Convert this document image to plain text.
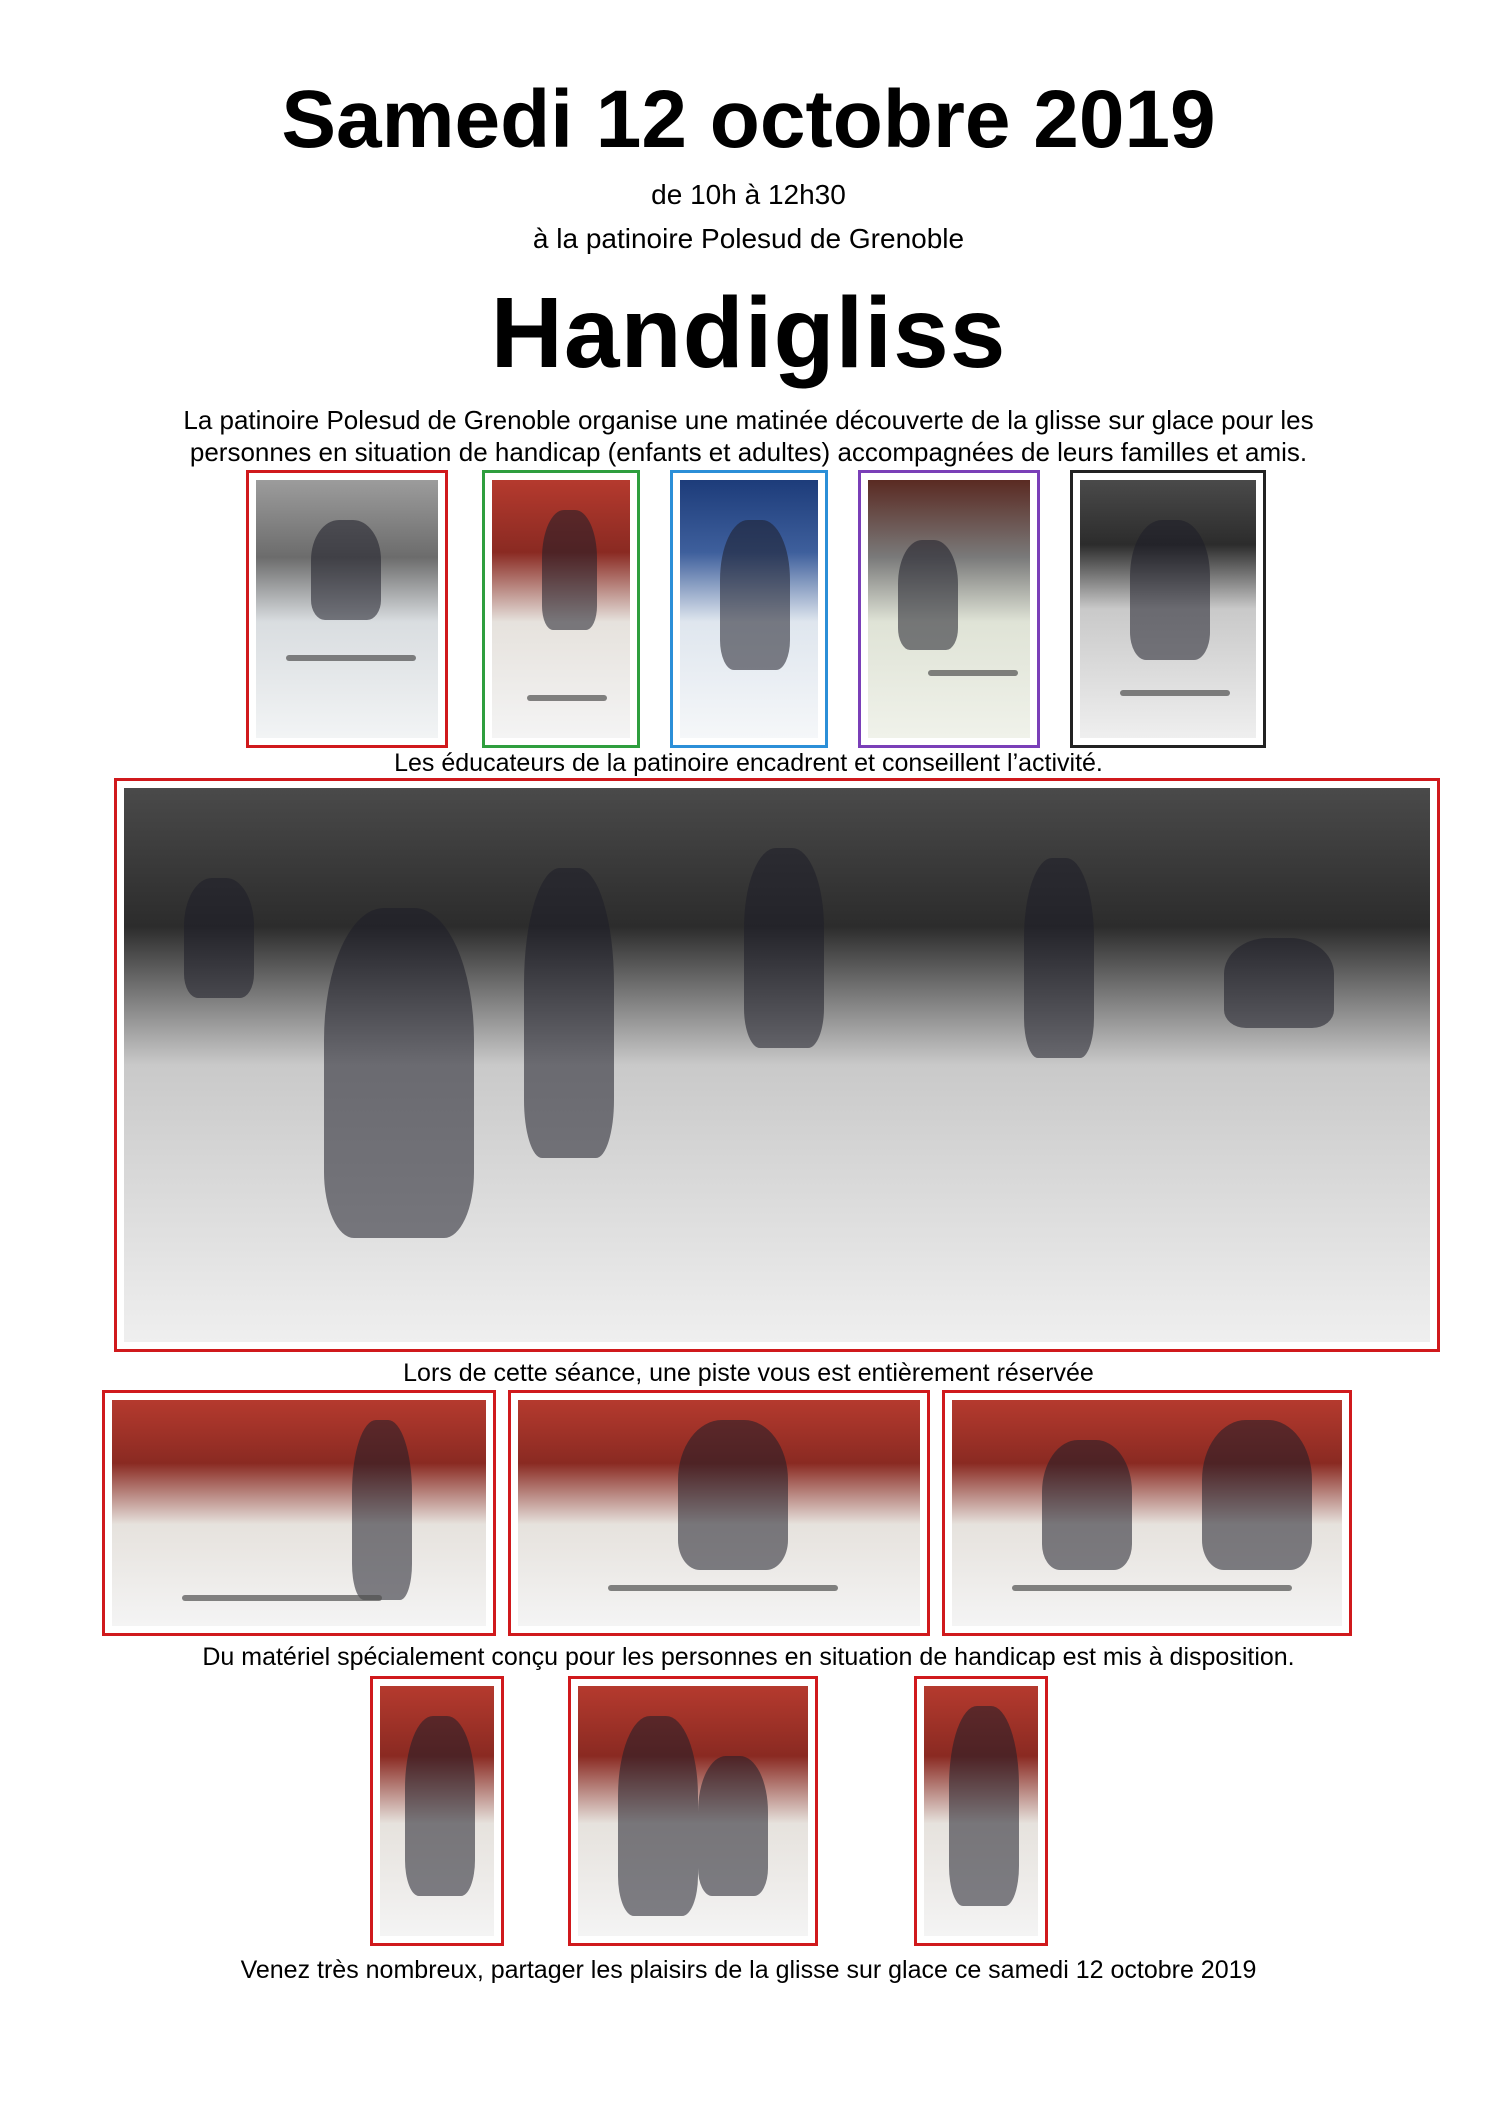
Samedi 12 octobre 2019
de 10h à 12h30
à la patinoire Polesud de Grenoble
Handigliss
La patinoire Polesud de Grenoble organise une matinée découverte de la glisse sur glace pour les
personnes en situation de handicap (enfants et adultes) accompagnées de leurs familles et amis.
Les éducateurs de la patinoire encadrent et conseillent l’activité.
Lors de cette séance, une piste vous est entièrement réservée
Du matériel spécialement conçu pour les personnes en situation de handicap est mis à disposition.
Venez très nombreux, partager les plaisirs de la glisse sur glace ce samedi 12 octobre 2019
